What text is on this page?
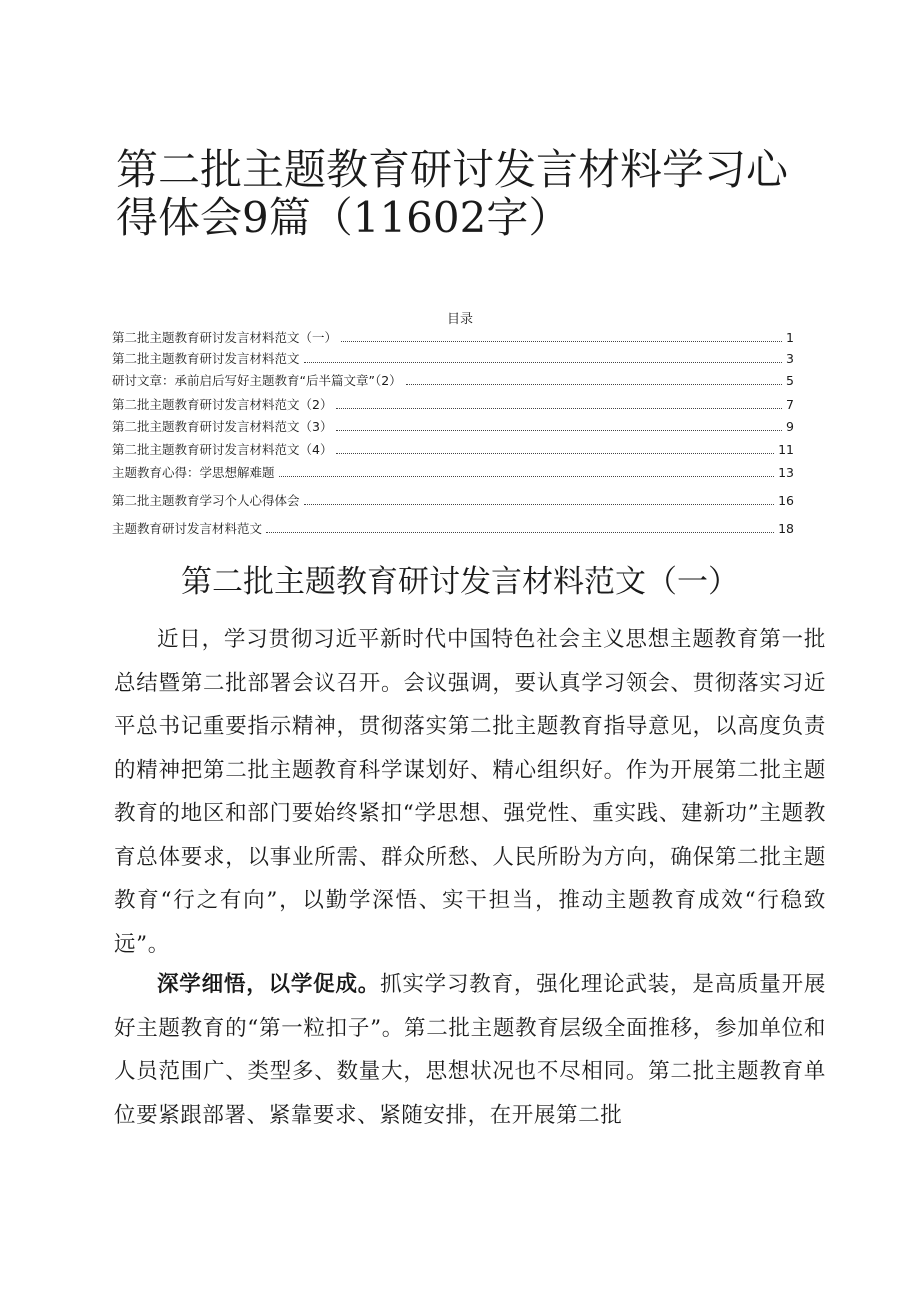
第二批主题教育研讨发言材料学习心得体会9篇（11602字）
目录
第二批主题教育研讨发言材料范文（一）	1
第二批主题教育研讨发言材料范文	3
研讨文章：承前启后写好主题教育“后半篇文章”（2）	5
第二批主题教育研讨发言材料范文（2）	7
第二批主题教育研讨发言材料范文（3）	9
第二批主题教育研讨发言材料范文（4）	11
主题教育心得：学思想解难题	13
第二批主题教育学习个人心得体会	16
主题教育研讨发言材料范文	18
第二批主题教育研讨发言材料范文（一）

近日，学习贯彻习近平新时代中国特色社会主义思想主题教育第一批总结暨第二批部署会议召开。会议强调，要认真学习领会、贯彻落实习近平总书记重要指示精神，贯彻落实第二批主题教育指导意见，以高度负责的精神把第二批主题教育科学谋划好、精心组织好。作为开展第二批主题教育的地区和部门要始终紧扣“学思想、强党性、重实践、建新功”主题教育总体要求，以事业所需、群众所愁、人民所盼为方向，确保第二批主题教育“行之有向”，以勤学深悟、实干担当，推动主题教育成效“行稳致远”。

深学细悟，以学促成。抓实学习教育，强化理论武装，是高质量开展好主题教育的“第一粒扣子”。第二批主题教育层级全面推移，参加单位和人员范围广、类型多、数量大，思想状况也不尽相同。第二批主题教育单位要紧跟部署、紧靠要求、紧随安排，在开展第二批
